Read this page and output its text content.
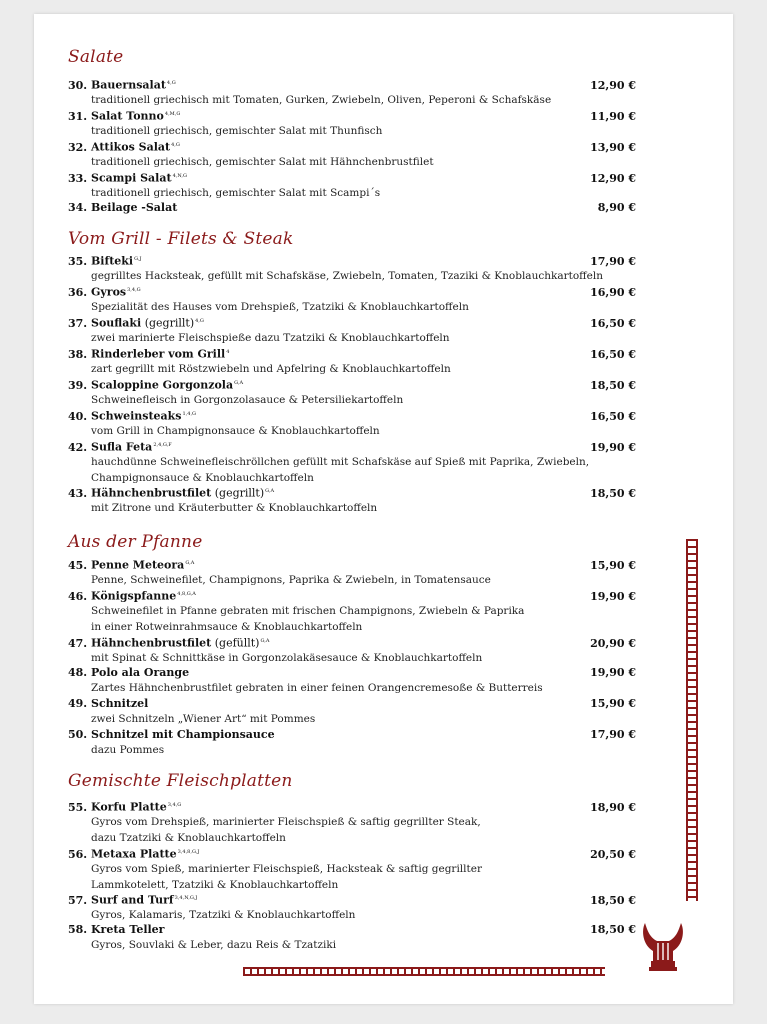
Salate
30. Bauernsalat$^{4,G}$	12,90 €
traditionell griechisch mit Tomaten, Gurken, Zwiebeln, Oliven, Peperoni & Schafskäse
31. Salat Tonno$^{4,M,G}$	11,90 €
traditionell griechisch, gemischter Salat mit Thunfisch
32. Attikos Salat$^{4,G}$	13,90 €
traditionell griechisch, gemischter Salat mit Hähnchenbrustfilet
33. Scampi Salat$^{4,N,G}$	12,90 €
traditionell griechisch, gemischter Salat mit Scampi´s
34. Beilage -Salat	8,90 €
Vom Grill - Filets & Steak
35. Bifteki$^{G,J}$	17,90 €
gegrilltes Hacksteak, gefüllt mit Schafskäse, Zwiebeln, Tomaten, Tzaziki & Knoblauchkartoffeln
36. Gyros$^{3,4,G}$	16,90 €
Spezialität des Hauses vom Drehspieß, Tzatziki & Knoblauchkartoffeln
37. Souflaki (gegrillt)$^{4,G}$	16,50 €
zwei marinierte Fleischspieße dazu Tzatziki & Knoblauchkartoffeln
38. Rinderleber vom Grill$^4$	16,50 €
zart gegrillt mit Röstzwiebeln und Apfelring & Knoblauchkartoffeln
39. Scaloppine Gorgonzola$^{G,A}$	18,50 €
Schweinefleisch in Gorgonzolasauce & Petersiliekartoffeln
40. Schweinsteaks$^{1,4,G}$	16,50 €
vom Grill in Champignonsauce & Knoblauchkartoffeln
42. Sufla Feta$^{2,4,G,F}$	19,90 €
hauchdünne Schweinefleischröllchen gefüllt mit Schafskäse auf Spieß mit Paprika, Zwiebeln,
Champignonsauce & Knoblauchkartoffeln
43. Hähnchenbrustfilet (gegrillt)$^{G,A}$	18,50 €
mit Zitrone und Kräuterbutter & Knoblauchkartoffeln
Aus der Pfanne
45. Penne Meteora$^{G,A}$	15,90 €
Penne, Schweinefilet, Champignons, Paprika & Zwiebeln, in Tomatensauce
46. Königspfanne$^{4,8,G,A}$	19,90 €
Schweinefilet in Pfanne gebraten mit frischen Champignons, Zwiebeln & Paprika
in einer Rotweinrahmsauce & Knoblauchkartoffeln
47. Hähnchenbrustfilet (gefüllt)$^{G,A}$	20,90 €
mit Spinat & Schnittkäse in Gorgonzolakäsesauce & Knoblauchkartoffeln
48. Polo ala Orange	19,90 €
Zartes Hähnchenbrustfilet gebraten in einer feinen Orangencremesoße & Butterreis
49. Schnitzel	15,90 €
zwei Schnitzeln „Wiener Art“ mit Pommes
50. Schnitzel mit Championsauce	17,90 €
dazu Pommes
Gemischte Fleischplatten
55. Korfu Platte$^{3,4,G}$	18,90 €
Gyros vom Drehspieß, marinierter Fleischspieß & saftig gegrillter Steak,
dazu Tzatziki & Knoblauchkartoffeln
56. Metaxa Platte$^{3,4,8,G,J}$	20,50 €
Gyros vom Spieß, marinierter Fleischspieß, Hacksteak & saftig gegrillter
Lammkotelett, Tzatziki & Knoblauchkartoffeln
57. Surf and Turf$^{3,4,N,G,J}$	18,50 €
Gyros, Kalamaris, Tzatziki & Knoblauchkartoffeln
58. Kreta Teller	18,50 €
Gyros, Souvlaki & Leber, dazu Reis & Tzatziki
